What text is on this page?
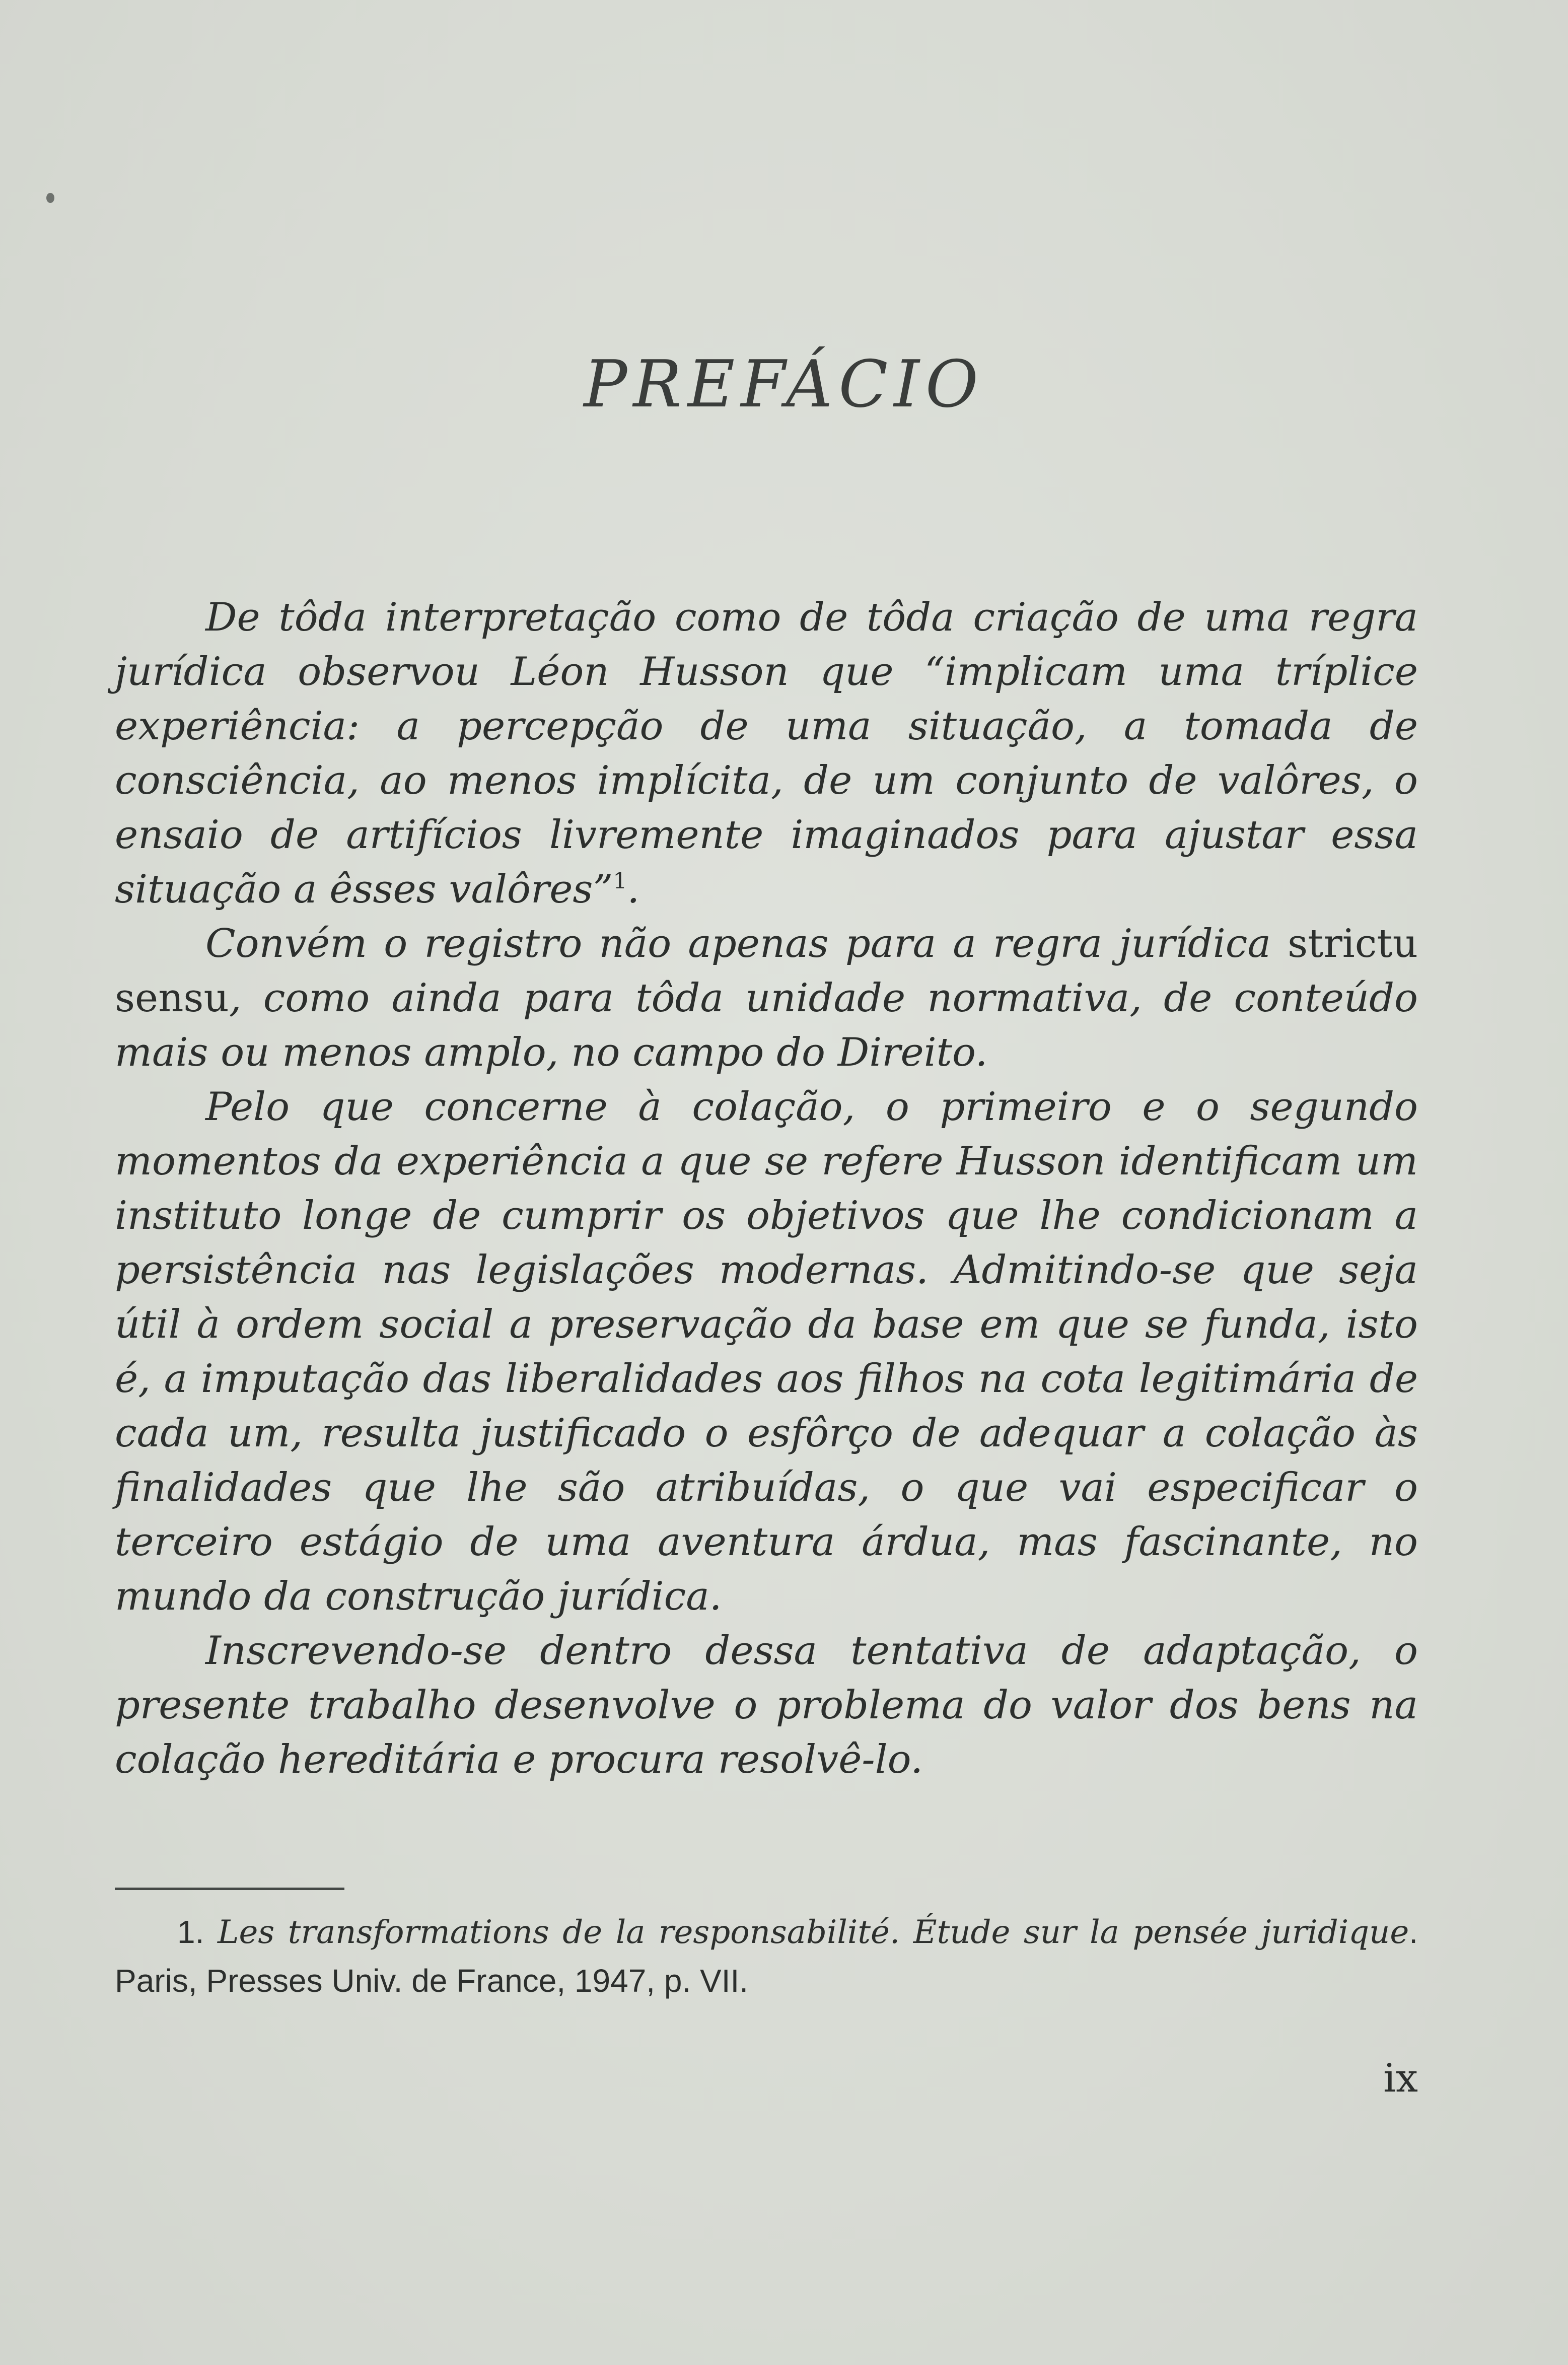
PREFÁCIO

De tôda interpretação como de tôda criação de uma regra jurídica observou Léon Husson que “implicam uma tríplice experiência: a percepção de uma situação, a tomada de consciência, ao menos implícita, de um conjunto de valôres, o ensaio de artifícios livremente imaginados para ajustar essa situação a êsses valôres”$^1$.

Convém o registro não apenas para a regra jurídica strictu sensu, como ainda para tôda unidade normativa, de conteúdo mais ou menos amplo, no campo do Direito.

Pelo que concerne à colação, o primeiro e o segundo momentos da experiência a que se refere Husson identificam um instituto longe de cumprir os objetivos que lhe condicionam a persistência nas legislações modernas. Admitindo-se que seja útil à ordem social a preservação da base em que se funda, isto é, a imputação das liberalidades aos filhos na cota legitimária de cada um, resulta justificado o esfôrço de adequar a colação às finalidades que lhe são atribuídas, o que vai especificar o terceiro estágio de uma aventura árdua, mas fascinante, no mundo da construção jurídica.

Inscrevendo-se dentro dessa tentativa de adaptação, o presente trabalho desenvolve o problema do valor dos bens na colação hereditária e procura resolvê-lo.

1. Les transformations de la responsabilité. Étude sur la pensée juridique. Paris, Presses Univ. de France, 1947, p. VII.
ix
